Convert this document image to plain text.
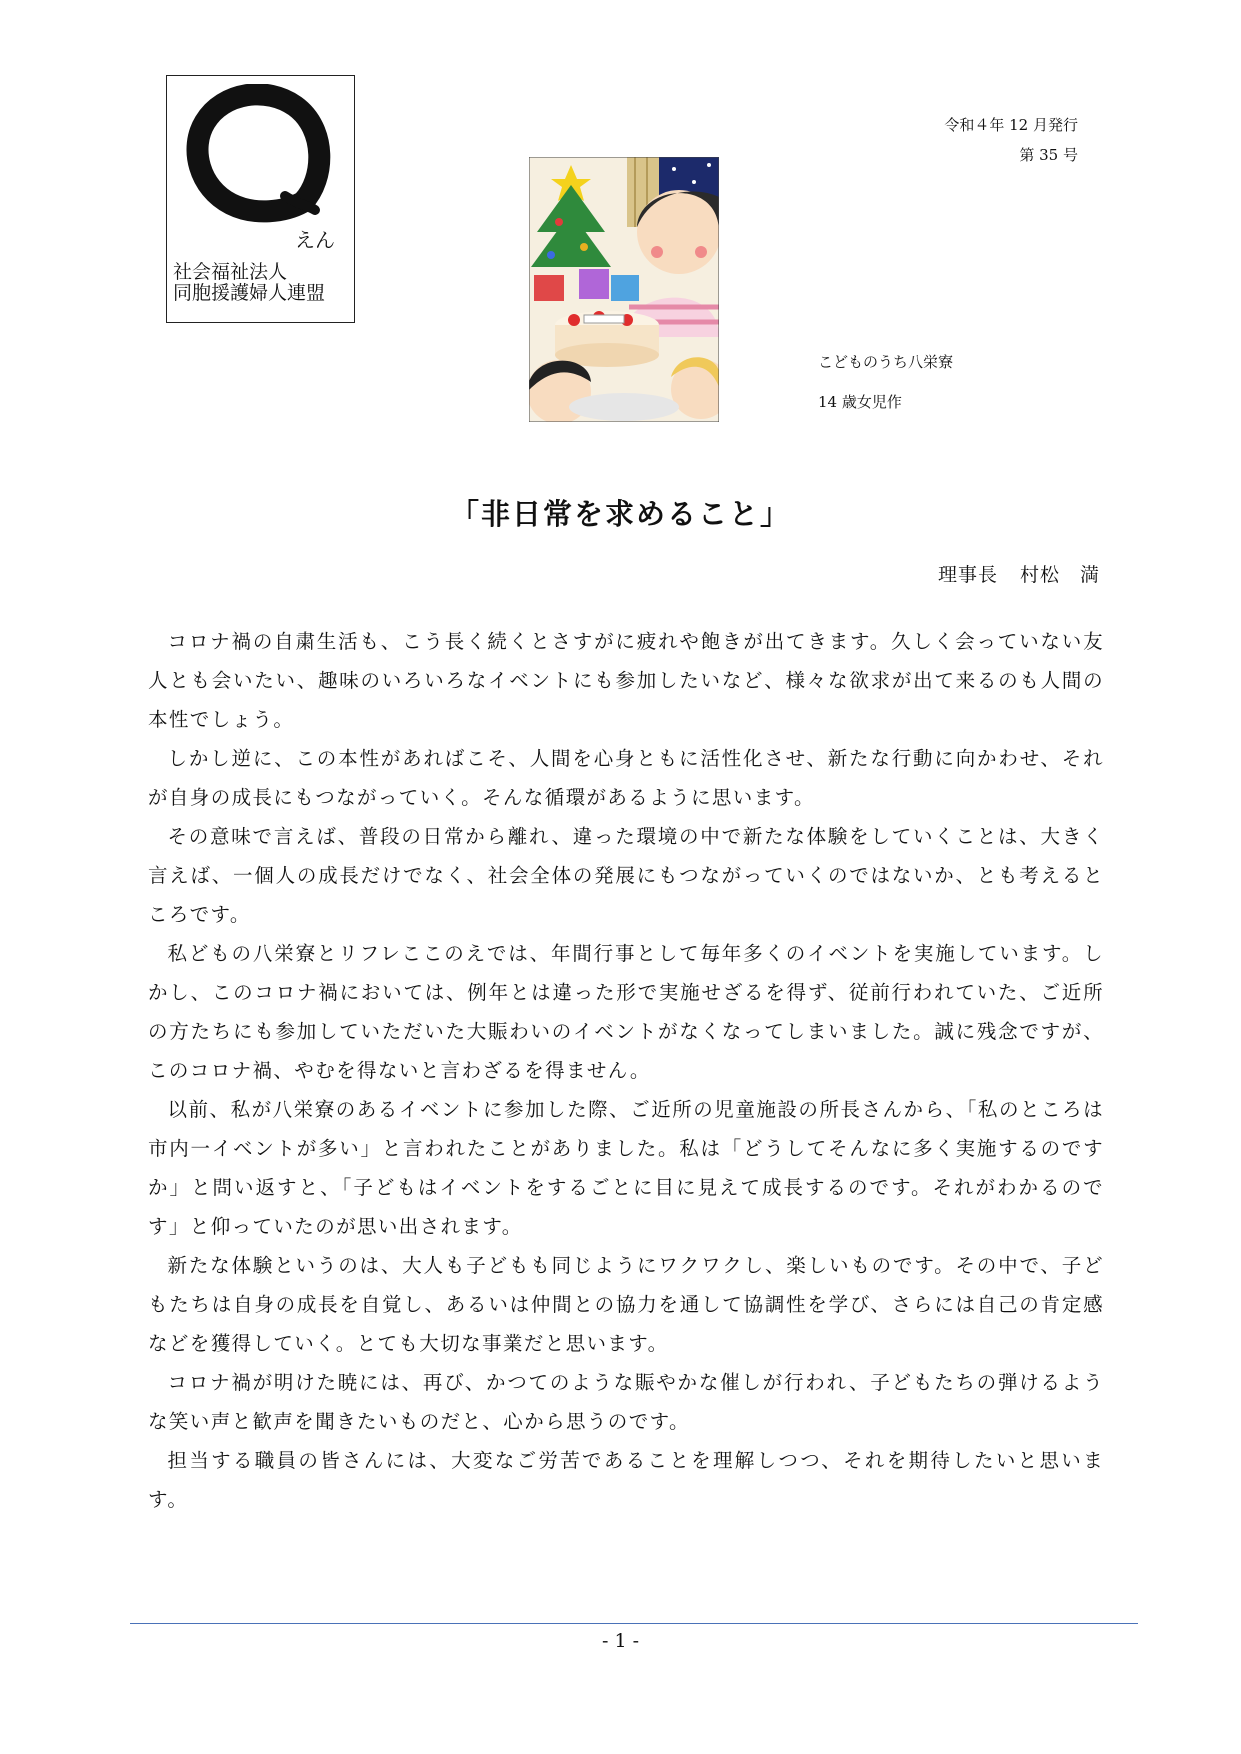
えん
社会福祉法人
同胞援護婦人連盟
令和４年 12 月発行
第 35 号
こどものうち八栄寮
14 歳女児作
「非日常を求めること」
理事長 村松　満

コロナ禍の自粛生活も、こう長く続くとさすがに疲れや飽きが出てきます。久しく会っていない友人とも会いたい、趣味のいろいろなイベントにも参加したいなど、様々な欲求が出て来るのも人間の本性でしょう。

しかし逆に、この本性があればこそ、人間を心身ともに活性化させ、新たな行動に向かわせ、それが自身の成長にもつながっていく。そんな循環があるように思います。

その意味で言えば、普段の日常から離れ、違った環境の中で新たな体験をしていくことは、大きく言えば、一個人の成長だけでなく、社会全体の発展にもつながっていくのではないか、とも考えるところです。

私どもの八栄寮とリフレここのえでは、年間行事として毎年多くのイベントを実施しています。しかし、このコロナ禍においては、例年とは違った形で実施せざるを得ず、従前行われていた、ご近所の方たちにも参加していただいた大賑わいのイベントがなくなってしまいました。誠に残念ですが、このコロナ禍、やむを得ないと言わざるを得ません。

以前、私が八栄寮のあるイベントに参加した際、ご近所の児童施設の所長さんから、「私のところは市内一イベントが多い」と言われたことがありました。私は「どうしてそんなに多く実施するのですか」と問い返すと、「子どもはイベントをするごとに目に見えて成長するのです。それがわかるのです」と仰っていたのが思い出されます。

新たな体験というのは、大人も子どもも同じようにワクワクし、楽しいものです。その中で、子どもたちは自身の成長を自覚し、あるいは仲間との協力を通して協調性を学び、さらには自己の肯定感などを獲得していく。とても大切な事業だと思います。

コロナ禍が明けた暁には、再び、かつてのような賑やかな催しが行われ、子どもたちの弾けるような笑い声と歓声を聞きたいものだと、心から思うのです。

担当する職員の皆さんには、大変なご労苦であることを理解しつつ、それを期待したいと思います。

- 1 -
